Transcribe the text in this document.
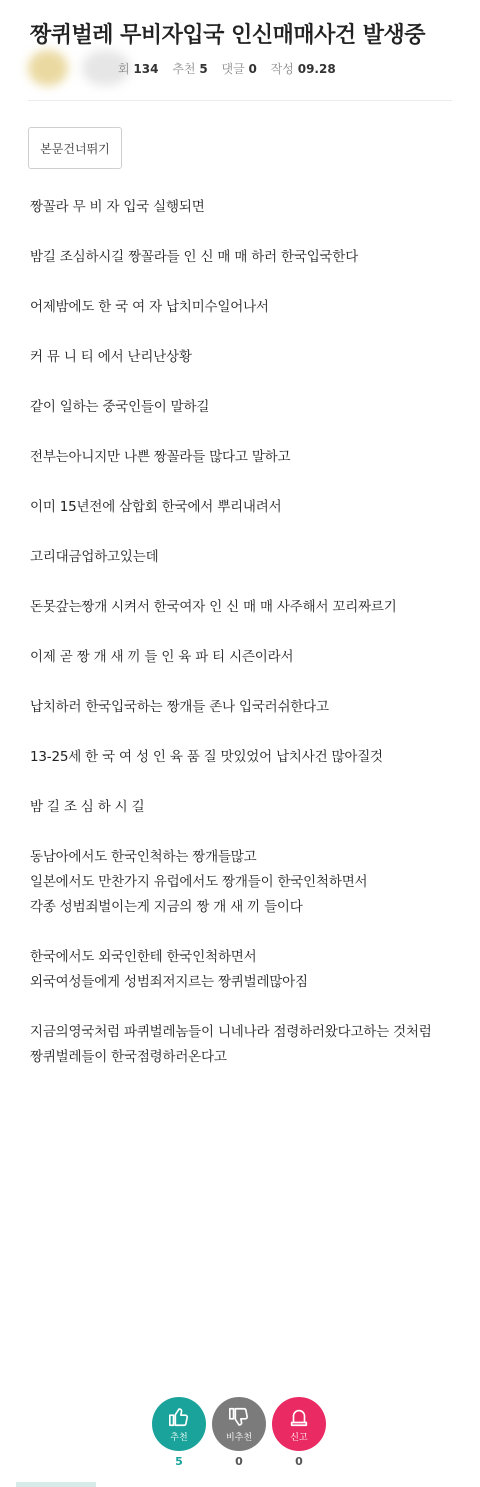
짱퀴벌레 무비자입국 인신매매사건 발생중
회 134 추천 5 댓글 0 작성 09.28
본문건너뛰기
짱꼴라 무 비 자 입국 실행되면
밤길 조심하시길 짱꼴라들 인 신 매 매 하러 한국입국한다
어제밤에도 한 국 여 자 납치미수일어나서
커 뮤 니 티 에서 난리난상황
같이 일하는 중국인들이 말하길
전부는아니지만 나쁜 짱꼴라들 많다고 말하고
이미 15년전에 삼합회 한국에서 뿌리내려서
고리대금업하고있는데
돈못갚는짱개 시켜서 한국여자 인 신 매 매 사주해서 꼬리짜르기
이제 곧 짱 개 새 끼 들 인 육 파 티 시즌이라서
납치하러 한국입국하는 짱개들 존나 입국러쉬한다고
13-25세 한 국 여 성 인 육 품 질 맛있었어 납치사건 많아질것
밤 길 조 심 하 시 길
동남아에서도 한국인척하는 짱개들많고
일본에서도 만찬가지 유럽에서도 짱개들이 한국인척하면서
각종 성범죄벌이는게 지금의 짱 개 새 끼 들이다
한국에서도 외국인한테 한국인척하면서
외국여성들에게 성범죄저지르는 짱퀴벌레많아짐
지금의영국처럼 파퀴벌레놈들이 니네나라 점령하러왔다고하는 것처럼
짱퀴벌레들이 한국점령하러온다고
추천
5
비추천
0
신고
0
